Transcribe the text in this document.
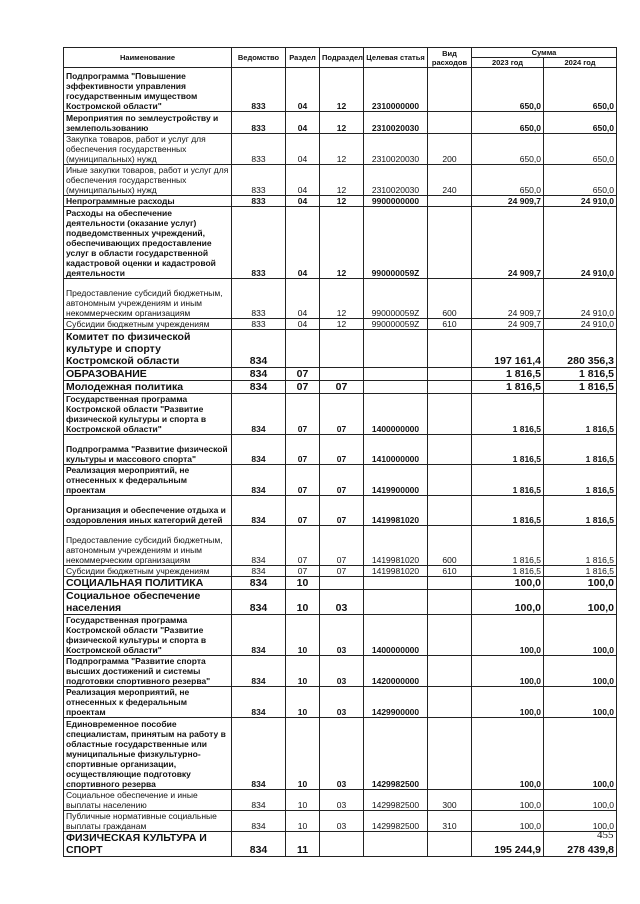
Наименование	Ведомство	Раздел	Подраздел	Целевая статья	Вид расходов	Сумма	
						2023 год	2024 год
Подпрограмма "Повышение эффективности управления государственным имуществом Костромской области"	833	04	12	2310000000		650,0	650,0
Мероприятия по землеустройству и землепользованию	833	04	12	2310020030		650,0	650,0
Закупка товаров, работ и услуг для обеспечения государственных (муниципальных) нужд	833	04	12	2310020030	200	650,0	650,0
Иные закупки товаров, работ и услуг для обеспечения государственных (муниципальных) нужд	833	04	12	2310020030	240	650,0	650,0
Непрограммные расходы	833	04	12	9900000000		24 909,7	24 910,0
Расходы на обеспечение деятельности (оказание услуг) подведомственных учреждений, обеспечивающих предоставление услуг в области государственной кадастровой оценки и кадастровой деятельности	833	04	12	990000059Z		24 909,7	24 910,0
Предоставление субсидий бюджетным, автономным учреждениям и иным некоммерческим организациям	833	04	12	990000059Z	600	24 909,7	24 910,0
Субсидии бюджетным учреждениям	833	04	12	990000059Z	610	24 909,7	24 910,0
Комитет по физической культуре и спорту Костромской области	834					197 161,4	280 356,3
ОБРАЗОВАНИЕ	834	07				1 816,5	1 816,5
Молодежная политика	834	07	07			1 816,5	1 816,5
Государственная программа Костромской области "Развитие физической культуры и спорта в Костромской области"	834	07	07	1400000000		1 816,5	1 816,5
Подпрограмма "Развитие физической культуры и массового спорта"	834	07	07	1410000000		1 816,5	1 816,5
Реализация мероприятий, не отнесенных к федеральным проектам	834	07	07	1419900000		1 816,5	1 816,5
Организация и обеспечение отдыха и оздоровления иных категорий детей	834	07	07	1419981020		1 816,5	1 816,5
Предоставление субсидий бюджетным, автономным учреждениям и иным некоммерческим организациям	834	07	07	1419981020	600	1 816,5	1 816,5
Субсидии бюджетным учреждениям	834	07	07	1419981020	610	1 816,5	1 816,5
СОЦИАЛЬНАЯ ПОЛИТИКА	834	10				100,0	100,0
Социальное обеспечение населения	834	10	03			100,0	100,0
Государственная программа Костромской области "Развитие физической культуры и спорта в Костромской области"	834	10	03	1400000000		100,0	100,0
Подпрограмма "Развитие спорта высших достижений и системы подготовки спортивного резерва"	834	10	03	1420000000		100,0	100,0
Реализация мероприятий, не отнесенных к федеральным проектам	834	10	03	1429900000		100,0	100,0
Единовременное пособие специалистам, принятым на работу в областные государственные или муниципальные физкультурно-спортивные организации, осуществляющие подготовку спортивного резерва	834	10	03	1429982500		100,0	100,0
Социальное обеспечение и иные выплаты населению	834	10	03	1429982500	300	100,0	100,0
Публичные нормативные социальные выплаты гражданам	834	10	03	1429982500	310	100,0	100,0
ФИЗИЧЕСКАЯ КУЛЬТУРА И СПОРТ	834	11				195 244,9	278 439,8
455
